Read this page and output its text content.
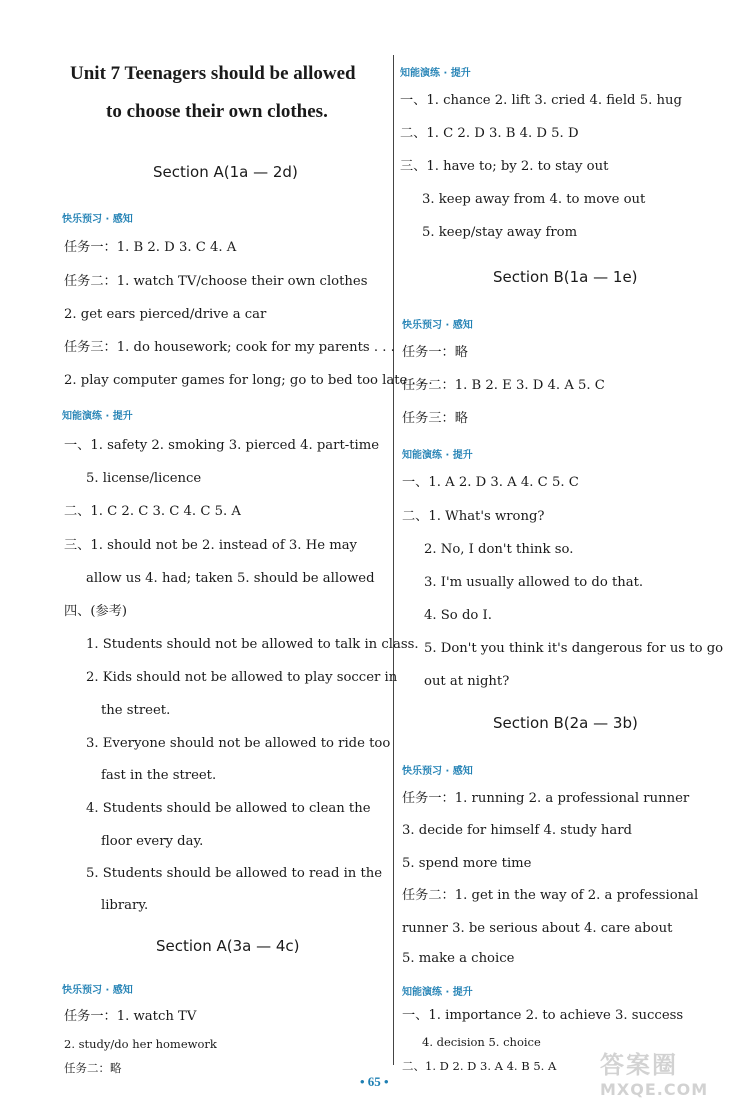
Unit 7 Teenagers should be allowed
to choose their own clothes.
Section A(1a — 2d)
快乐预习 · 感知
任务一：1. B 2. D 3. C 4. A
任务二：1. watch TV/choose their own clothes
2. get ears pierced/drive a car
任务三：1. do housework; cook for my parents . . .
2. play computer games for long; go to bed too late . . .
知能演练 · 提升
一、1. safety 2. smoking 3. pierced 4. part-time
5. license/licence
二、1. C 2. C 3. C 4. C 5. A
三、1. should not be 2. instead of 3. He may
allow us 4. had; taken 5. should be allowed
四、(参考)
1. Students should not be allowed to talk in class.
2. Kids should not be allowed to play soccer in
the street.
3. Everyone should not be allowed to ride too
fast in the street.
4. Students should be allowed to clean the
floor every day.
5. Students should be allowed to read in the
library.
Section A(3a — 4c)
快乐预习 · 感知
任务一：1. watch TV
2. study/do her homework
任务二：略
知能演练 · 提升
一、1. chance 2. lift 3. cried 4. field 5. hug
二、1. C 2. D 3. B 4. D 5. D
三、1. have to; by 2. to stay out
3. keep away from 4. to move out
5. keep/stay away from
Section B(1a — 1e)
快乐预习 · 感知
任务一：略
任务二：1. B 2. E 3. D 4. A 5. C
任务三：略
知能演练 · 提升
一、1. A 2. D 3. A 4. C 5. C
二、1. What's wrong?
2. No, I don't think so.
3. I'm usually allowed to do that.
4. So do I.
5. Don't you think it's dangerous for us to go
out at night?
Section B(2a — 3b)
快乐预习 · 感知
任务一：1. running 2. a professional runner
3. decide for himself 4. study hard
5. spend more time
任务二：1. get in the way of 2. a professional
runner 3. be serious about 4. care about
5. make a choice
知能演练 · 提升
一、1. importance 2. to achieve 3. success
4. decision 5. choice
二、1. D 2. D 3. A 4. B 5. A
• 65 •
答案圈
MXQE.COM
